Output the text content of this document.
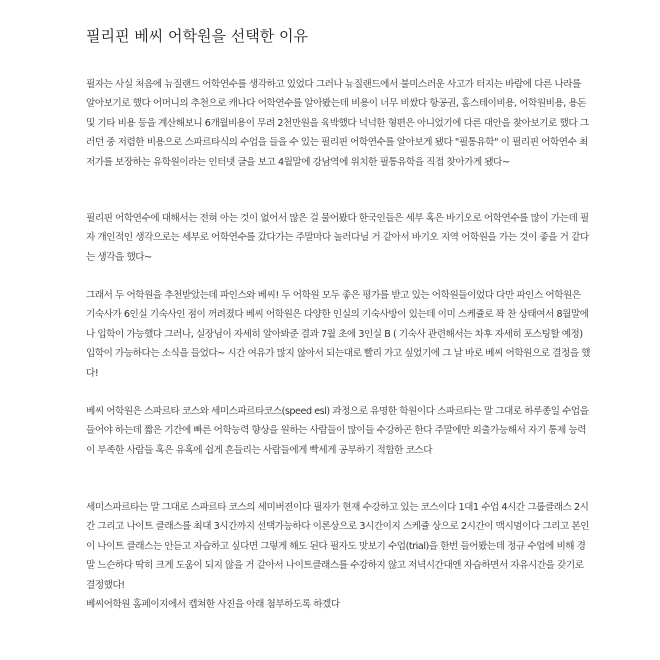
필리핀 베씨 어학원을 선택한 이유

필자는 사실 처음에 뉴질랜드 어학연수를 생각하고 있었다 그러나 뉴질랜드에서 불미스러운 사고가 터지는 바람에 다른 나라를 알아보기로 했다 어머니의 추천으로 캐나다 어학연수를 알아봤는데 비용이 너무 비쌌다 항공권, 홈스테이비용, 어학원비용, 용돈 및 기타 비용 등을 계산해보니 6개월비용이 무려 2천만원을 육박했다 넉넉한 형편은 아니었기에 다른 대안을 찾아보기로 했다 그러던 중 저렴한 비용으로 스파르타식의 수업을 들을 수 있는 필리핀 어학연수를 알아보게 됐다 "필통유학" 이 필리핀 어학연수 최저가를 보장하는 유학원이라는 인터넷 글을 보고 4월말에 강남역에 위치한 필통유학을 직접 찾아가게 됐다~

필리핀 어학연수에 대해서는 전혀 아는 것이 없어서 많은 걸 물어봤다 한국인들은 세부 혹은 바기오로 어학연수를 많이 가는데 필자 개인적인 생각으로는 세부로 어학연수를 갔다가는 주말마다 놀러다닐 거 같아서 바기오 지역 어학원을 가는 것이 좋을 거 같다는 생각을 했다~

그래서 두 어학원을 추천받았는데 파인스와 베씨! 두 어학원 모두 좋은 평가를 받고 있는 어학원들이었다 다만 파인스 어학원은 기숙사가 6인실 기숙사인 점이 꺼려졌다 베씨 어학원은 다양한 인실의 기숙사방이 있는데 이미 스케쥴로 꽉 찬 상태여서 8월말에나 입학이 가능했다 그러나, 실장님이 자세히 알아봐준 결과 7월 초에 3인실 B ( 기숙사 관련해서는 차후 자세히 포스팅할 예정) 입학이 가능하다는 소식을 들었다~ 시간 여유가 많지 않아서 되는대로 빨리 가고 싶었기에 그 날 바로 베씨 어학원으로 결정을 했다!

베씨 어학원은 스파르타 코스와 세미스파르타코스(speed esl) 과정으로 유명한 학원이다 스파르타는 말 그대로 하루종일 수업을 들어야 하는데 짧은 기간에 빠른 어학능력 향상을 원하는 사람들이 많이들 수강하곤 한다 주말에만 외출가능해서 자기 통제 능력이 부족한 사람들 혹은 유혹에 쉽게 흔들리는 사람들에게 빡세게 공부하기 적합한 코스다

세미스파르타는 말 그대로 스파르타 코스의 세미버젼이다 필자가 현재 수강하고 있는 코스이다 1대1 수업 4시간 그룹클래스 2시간 그리고 나이트 클래스를 최대 3시간까지 선택가능하다 이론상으로 3시간이지 스케쥴 상으로 2시간이 맥시멈이다 그리고 본인이 나이트 클래스는 안듣고 자습하고 싶다면 그렇게 해도 된다 필자도 맛보기 수업(trial)을 한번 들어봤는데 정규 수업에 비해 경말 느슨하다 딱히 크게 도움이 되지 않을 거 같아서 나이트클래스를 수강하지 않고 저녁시간대엔 자습하면서 자유시간을 갖기로 결정했다!
베씨어학원 홈페이지에서 캡쳐한 사진을 아래 첨부하도록 하겠다
